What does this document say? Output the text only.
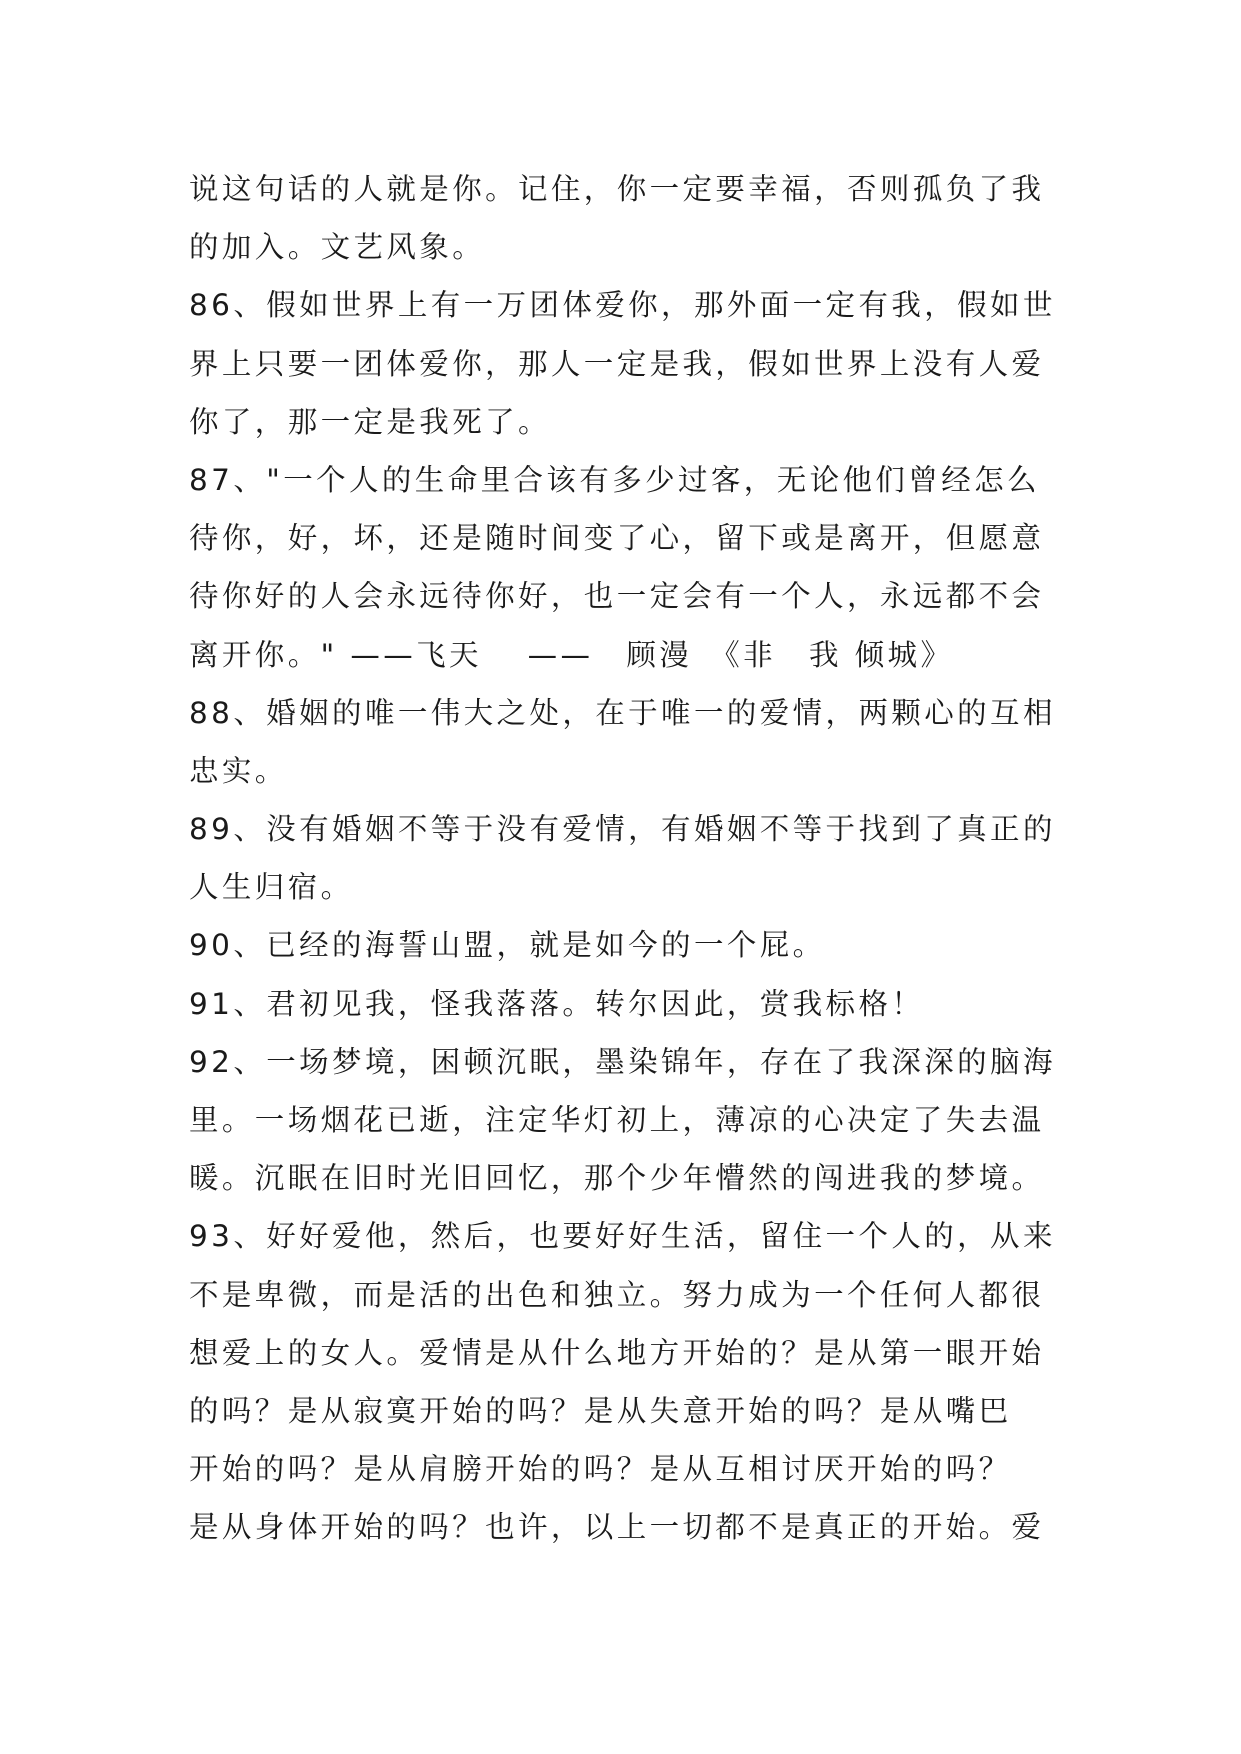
说这句话的人就是你。记住，你一定要幸福，否则孤负了我
的加入。文艺风象。
86、假如世界上有一万团体爱你，那外面一定有我，假如世
界上只要一团体爱你，那人一定是我，假如世界上没有人爱
你了，那一定是我死了。
87、"一个人的生命里合该有多少过客，无论他们曾经怎么
待你，好，坏，还是随时间变了心，留下或是离开，但愿意
待你好的人会永远待你好，也一定会有一个人，永远都不会
离开你。" ——飞天　 ——　顾漫　《非　我 倾城》
88、婚姻的唯一伟大之处，在于唯一的爱情，两颗心的互相
忠实。
89、没有婚姻不等于没有爱情，有婚姻不等于找到了真正的
人生归宿。
90、已经的海誓山盟，就是如今的一个屁。
91、君初见我，怪我落落。转尔因此，赏我标格！
92、一场梦境，困顿沉眠，墨染锦年，存在了我深深的脑海
里。一场烟花已逝，注定华灯初上，薄凉的心决定了失去温
暖。沉眠在旧时光旧回忆，那个少年懵然的闯进我的梦境。
93、好好爱他，然后，也要好好生活，留住一个人的，从来
不是卑微，而是活的出色和独立。努力成为一个任何人都很
想爱上的女人。爱情是从什么地方开始的？是从第一眼开始
的吗？是从寂寞开始的吗？是从失意开始的吗？是从嘴巴
开始的吗？是从肩膀开始的吗？是从互相讨厌开始的吗？
是从身体开始的吗？也许，以上一切都不是真正的开始。爱
